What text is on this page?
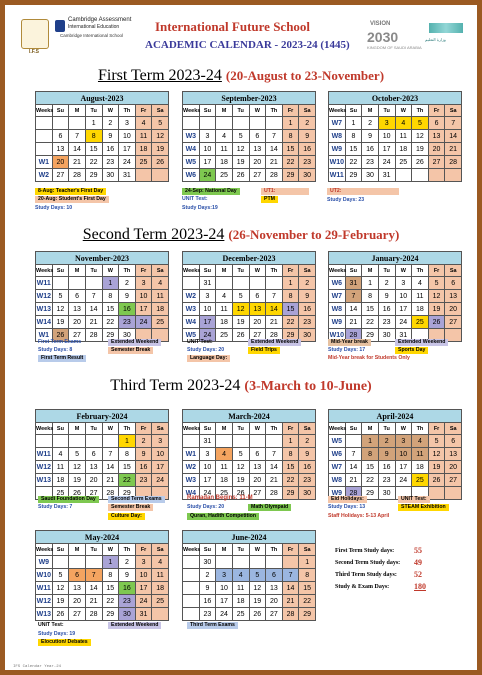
I.F.S
Cambridge Assessment
International Education
Cambridge International School
International Future School
ACADEMIC CALENDAR - 2023-24 (1445)
VISION
2030
KINGDOM OF SAUDI ARABIA
وزارة التعليم
First Term 2023-24 (20-August to 23-November)
Second Term 2023-24 (26-November to 29-February)
Third Term 2023-24 (3-March to 10-June)
August-2023							
Weeks	Su	M	Tu	W	Th	Fr	Sa
			1	2	3	4	5
	6	7	8	9	10	11	12
	13	14	15	16	17	18	19
W1	20	21	22	23	24	25	26
W2	27	28	29	30	31		
September-2023							
Weeks	Su	M	Tu	W	Th	Fr	Sa
						1	2
W3	3	4	5	6	7	8	9
W4	10	11	12	13	14	15	16
W5	17	18	19	20	21	22	23
W6	24	25	26	27	28	29	30
October-2023							
Weeks	Su	M	Tu	W	Th	Fr	Sa
W7	1	2	3	4	5	6	7
W8	8	9	10	11	12	13	14
W9	15	16	17	18	19	20	21
W10	22	23	24	25	26	27	28
W11	29	30	31				
November-2023							
Weeks	Su	M	Tu	W	Th	Fr	Sa
W11				1	2	3	4
W12	5	6	7	8	9	10	11
W13	12	13	14	15	16	17	18
W14	19	20	21	22	23	24	25
W1	26	27	28	29	30		
December-2023							
Weeks	Su	M	Tu	W	Th	Fr	Sa
	31					1	2
W2	3	4	5	6	7	8	9
W3	10	11	12	13	14	15	16
W4	17	18	19	20	21	22	23
W5	24	25	26	27	28	29	30
January-2024							
Weeks	Su	M	Tu	W	Th	Fr	Sa
W6	31	1	2	3	4	5	6
W7	7	8	9	10	11	12	13
W8	14	15	16	17	18	19	20
W9	21	22	23	24	25	26	27
W10	28	29	30	31			
February-2024							
Weeks	Su	M	Tu	W	Th	Fr	Sa
					1	2	3
W11	4	5	6	7	8	9	10
W12	11	12	13	14	15	16	17
W13	18	19	20	21	22	23	24
	25	26	27	28	29		
March-2024							
Weeks	Su	M	Tu	W	Th	Fr	Sa
	31					1	2
W1	3	4	5	6	7	8	9
W2	10	11	12	13	14	15	16
W3	17	18	19	20	21	22	23
W4	24	25	26	27	28	29	30
April-2024							
Weeks	Su	M	Tu	W	Th	Fr	Sa
W5		1	2	3	4	5	6
W6	7	8	9	10	11	12	13
W7	14	15	16	17	18	19	20
W8	21	22	23	24	25	26	27
W9	28	29	30				
May-2024							
Weeks	Su	M	Tu	W	Th	Fr	Sa
W9				1	2	3	4
W10	5	6	7	8	9	10	11
W11	12	13	14	15	16	17	18
W12	19	20	21	22	23	24	25
W13	26	27	28	29	30	31	
June-2024							
Weeks	Su	M	Tu	W	Th	Fr	Sa
	30						1
	2	3	4	5	6	7	8
	9	10	11	12	13	14	15
	16	17	18	19	20	21	22
	23	24	25	26	27	28	29
8-Aug: Teacher's First Day
20-Aug: Student's First Day
Study Days: 10
24-Sep: National Day
UNIT Test:
Study Days:19
UT1:
PTM
UT2:
Study Days: 23
First Term Exams	Extended Weekend
Study Days: 8	Semester Break
First Term Result
UNIT Test:	Extended Weekend
Study Days: 20	Field Trips
Language Day:
Mid-Year break	Extended Weekend
Study Days: 17	Sports Day
Mid-Year break for Students Only
Saudi Foundation Day	Second Term Exams
Study Days: 7	Semester Break
Culture Day:
Ramadan Begins: 11-M
Study Days: 20	Math Olympaid
Quran, Hadith Competition
Eid Holidays:	UNIT Test:
Study Days: 13	STEAM Exhibition
Staff Holidays: 5-13 April
UNIT Test:	Extended Weekend
Study Days: 19
Elocution/ Debates
Third Term Exams
First Term Study days: 55
Second Term Study days: 49
Third Term Study days: 52
Study & Exam Days:	180
IFS Calendar Year-24
